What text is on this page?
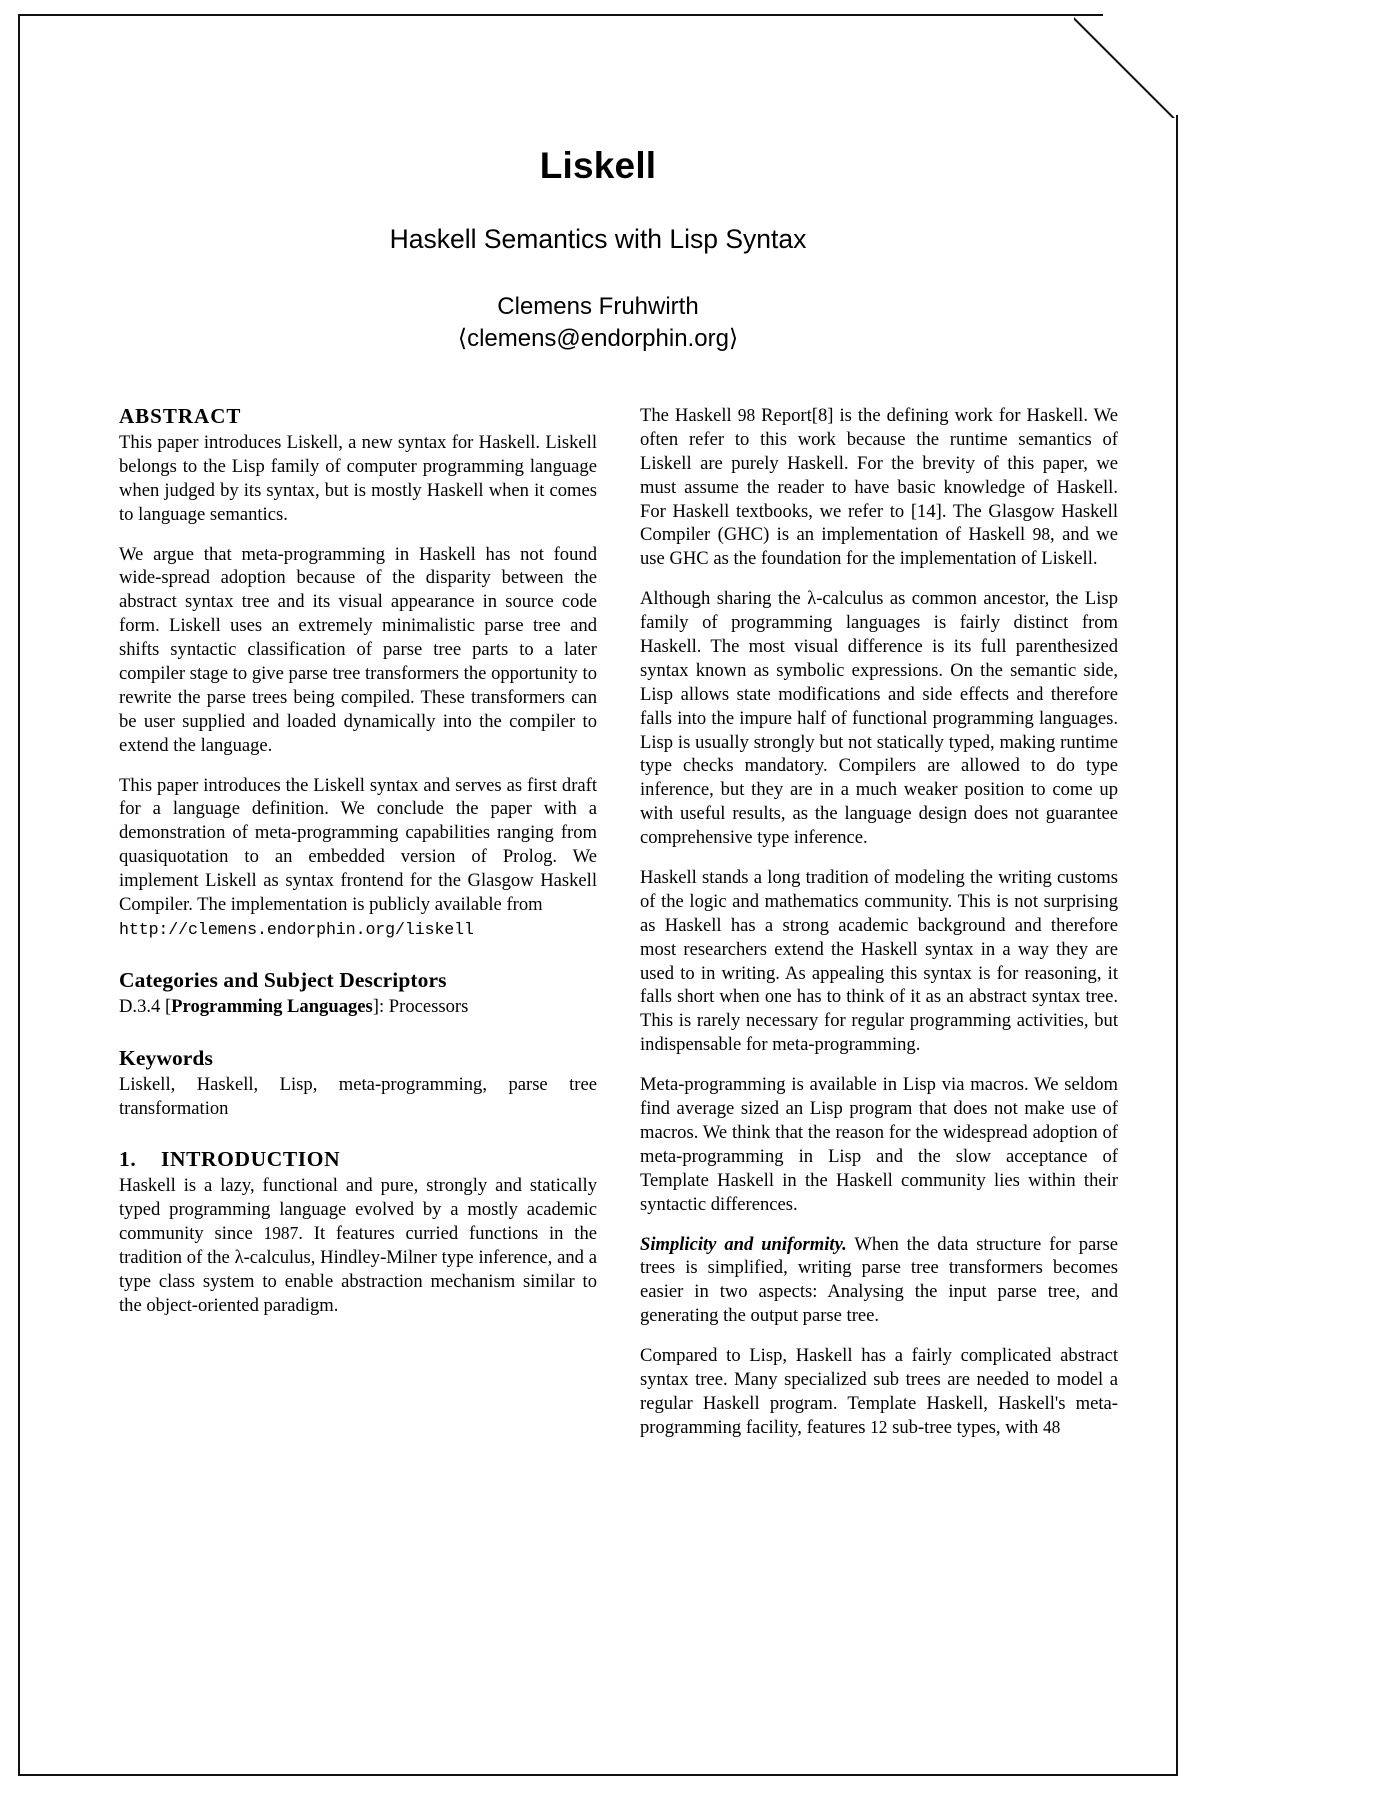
Liskell
Haskell Semantics with Lisp Syntax
Clemens Fruhwirth
⟨clemens@endorphin.org⟩
ABSTRACT

This paper introduces Liskell, a new syntax for Haskell. Liskell belongs to the Lisp family of computer programming language when judged by its syntax, but is mostly Haskell when it comes to language semantics.

We argue that meta-programming in Haskell has not found wide-spread adoption because of the disparity between the abstract syntax tree and its visual appearance in source code form. Liskell uses an extremely minimalistic parse tree and shifts syntactic classification of parse tree parts to a later compiler stage to give parse tree transformers the opportunity to rewrite the parse trees being compiled. These transformers can be user supplied and loaded dynamically into the compiler to extend the language.

This paper introduces the Liskell syntax and serves as first draft for a language definition. We conclude the paper with a demonstration of meta-programming capabilities ranging from quasiquotation to an embedded version of Prolog. We implement Liskell as syntax frontend for the Glasgow Haskell Compiler. The implementation is publicly available from
http://clemens.endorphin.org/liskell

Categories and Subject Descriptors

D.3.4 [Programming Languages]: Processors

Keywords

Liskell, Haskell, Lisp, meta-programming, parse tree transformation

1. INTRODUCTION

Haskell is a lazy, functional and pure, strongly and statically typed programming language evolved by a mostly academic community since 1987. It features curried functions in the tradition of the λ-calculus, Hindley-Milner type inference, and a type class system to enable abstraction mechanism similar to the object-oriented paradigm.

The Haskell 98 Report[8] is the defining work for Haskell. We often refer to this work because the runtime semantics of Liskell are purely Haskell. For the brevity of this paper, we must assume the reader to have basic knowledge of Haskell. For Haskell textbooks, we refer to [14]. The Glasgow Haskell Compiler (GHC) is an implementation of Haskell 98, and we use GHC as the foundation for the implementation of Liskell.

Although sharing the λ-calculus as common ancestor, the Lisp family of programming languages is fairly distinct from Haskell. The most visual difference is its full parenthesized syntax known as symbolic expressions. On the semantic side, Lisp allows state modifications and side effects and therefore falls into the impure half of functional programming languages. Lisp is usually strongly but not statically typed, making runtime type checks mandatory. Compilers are allowed to do type inference, but they are in a much weaker position to come up with useful results, as the language design does not guarantee comprehensive type inference.

Haskell stands a long tradition of modeling the writing customs of the logic and mathematics community. This is not surprising as Haskell has a strong academic background and therefore most researchers extend the Haskell syntax in a way they are used to in writing. As appealing this syntax is for reasoning, it falls short when one has to think of it as an abstract syntax tree. This is rarely necessary for regular programming activities, but indispensable for meta-programming.

Meta-programming is available in Lisp via macros. We seldom find average sized an Lisp program that does not make use of macros. We think that the reason for the widespread adoption of meta-programming in Lisp and the slow acceptance of Template Haskell in the Haskell community lies within their syntactic differences.

Simplicity and uniformity. When the data structure for parse trees is simplified, writing parse tree transformers becomes easier in two aspects: Analysing the input parse tree, and generating the output parse tree.

Compared to Lisp, Haskell has a fairly complicated abstract syntax tree. Many specialized sub trees are needed to model a regular Haskell program. Template Haskell, Haskell's meta-programming facility, features 12 sub-tree types, with 48
